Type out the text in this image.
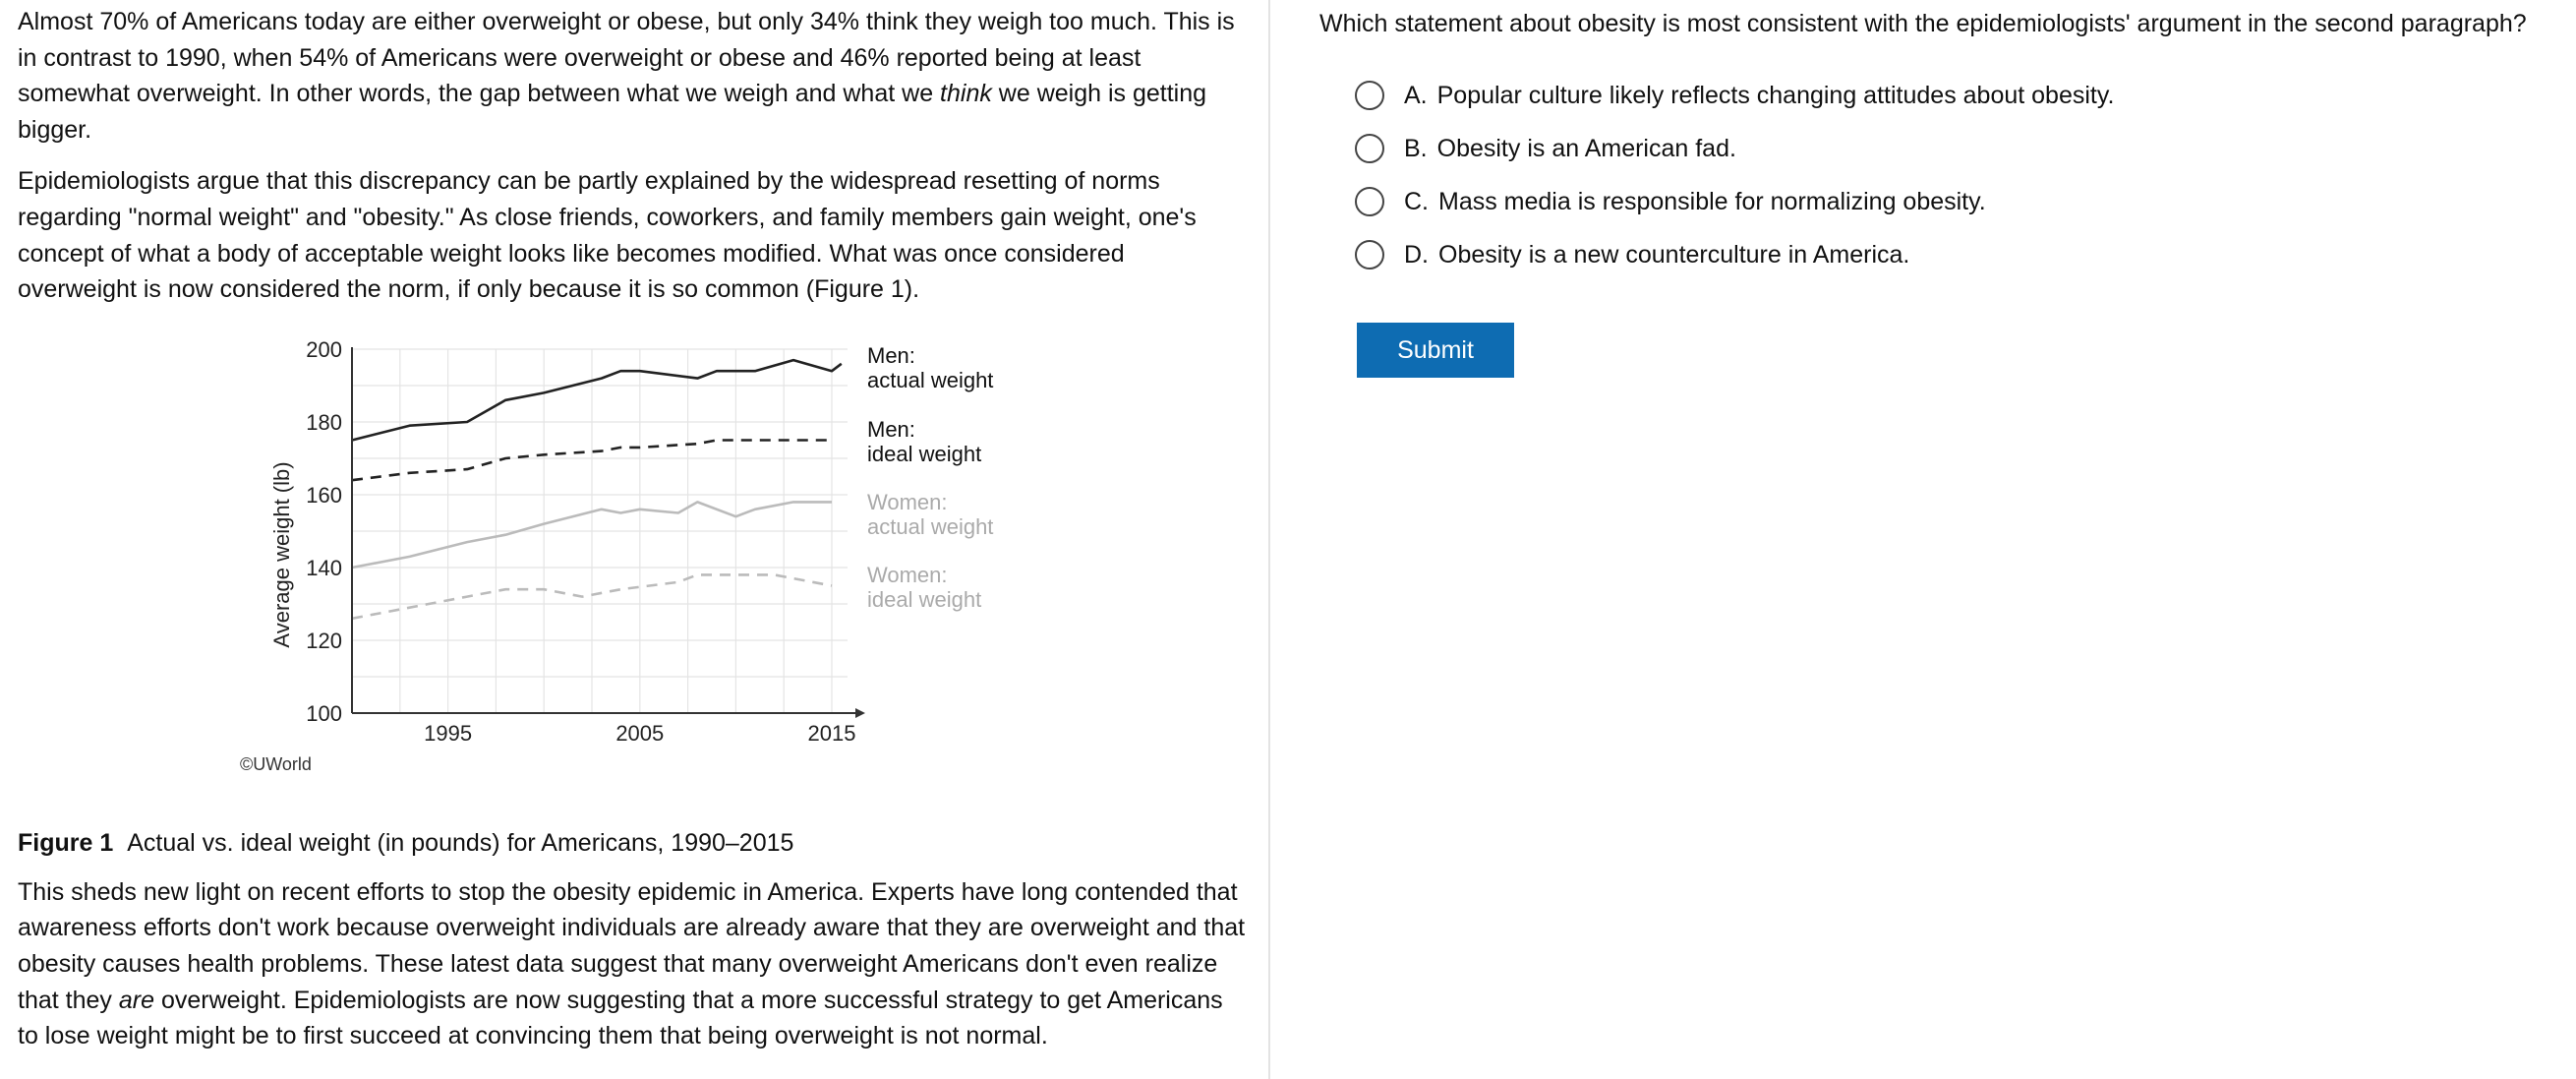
Almost 70% of Americans today are either overweight or obese, but only 34% think they weigh too much. This is in contrast to 1990, when 54% of Americans were overweight or obese and 46% reported being at least somewhat overweight. In other words, the gap between what we weigh and what we think we weigh is getting bigger.

Epidemiologists argue that this discrepancy can be partly explained by the widespread resetting of norms regarding "normal weight" and "obesity." As close friends, coworkers, and family members gain weight, one's concept of what a body of acceptable weight looks like becomes modified. What was once considered overweight is now considered the norm, if only because it is so common (Figure 1).

100
120
140
160
180
200
1995	2005	2015
Average weight (lb)
Men:
actual weight
Men:
ideal weight
Women:
actual weight
Women:
ideal weight
©UWorld

Figure 1 Actual vs. ideal weight (in pounds) for Americans, 1990–2015

This sheds new light on recent efforts to stop the obesity epidemic in America. Experts have long contended that awareness efforts don't work because overweight individuals are already aware that they are overweight and that obesity causes health problems. These latest data suggest that many overweight Americans don't even realize that they are overweight. Epidemiologists are now suggesting that a more successful strategy to get Americans to lose weight might be to first succeed at convincing them that being overweight is not normal.

Which statement about obesity is most consistent with the epidemiologists' argument in the second paragraph?

A. Popular culture likely reflects changing attitudes about obesity.
B. Obesity is an American fad.
C. Mass media is responsible for normalizing obesity.
D. Obesity is a new counterculture in America.
Submit
